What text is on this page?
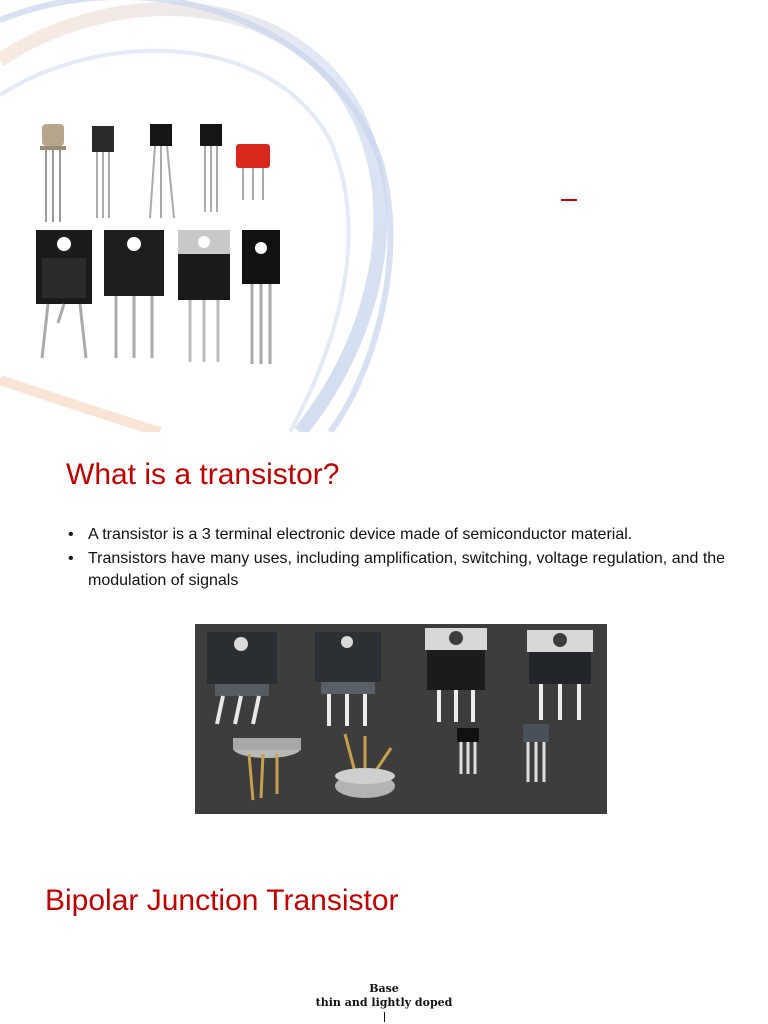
What is a transistor?
• A transistor is a 3 terminal electronic device made of semiconductor material.
• Transistors have many uses, including amplification, switching, voltage regulation, and the modulation of signals
Bipolar Junction Transistor
Base
thin and lightly doped
